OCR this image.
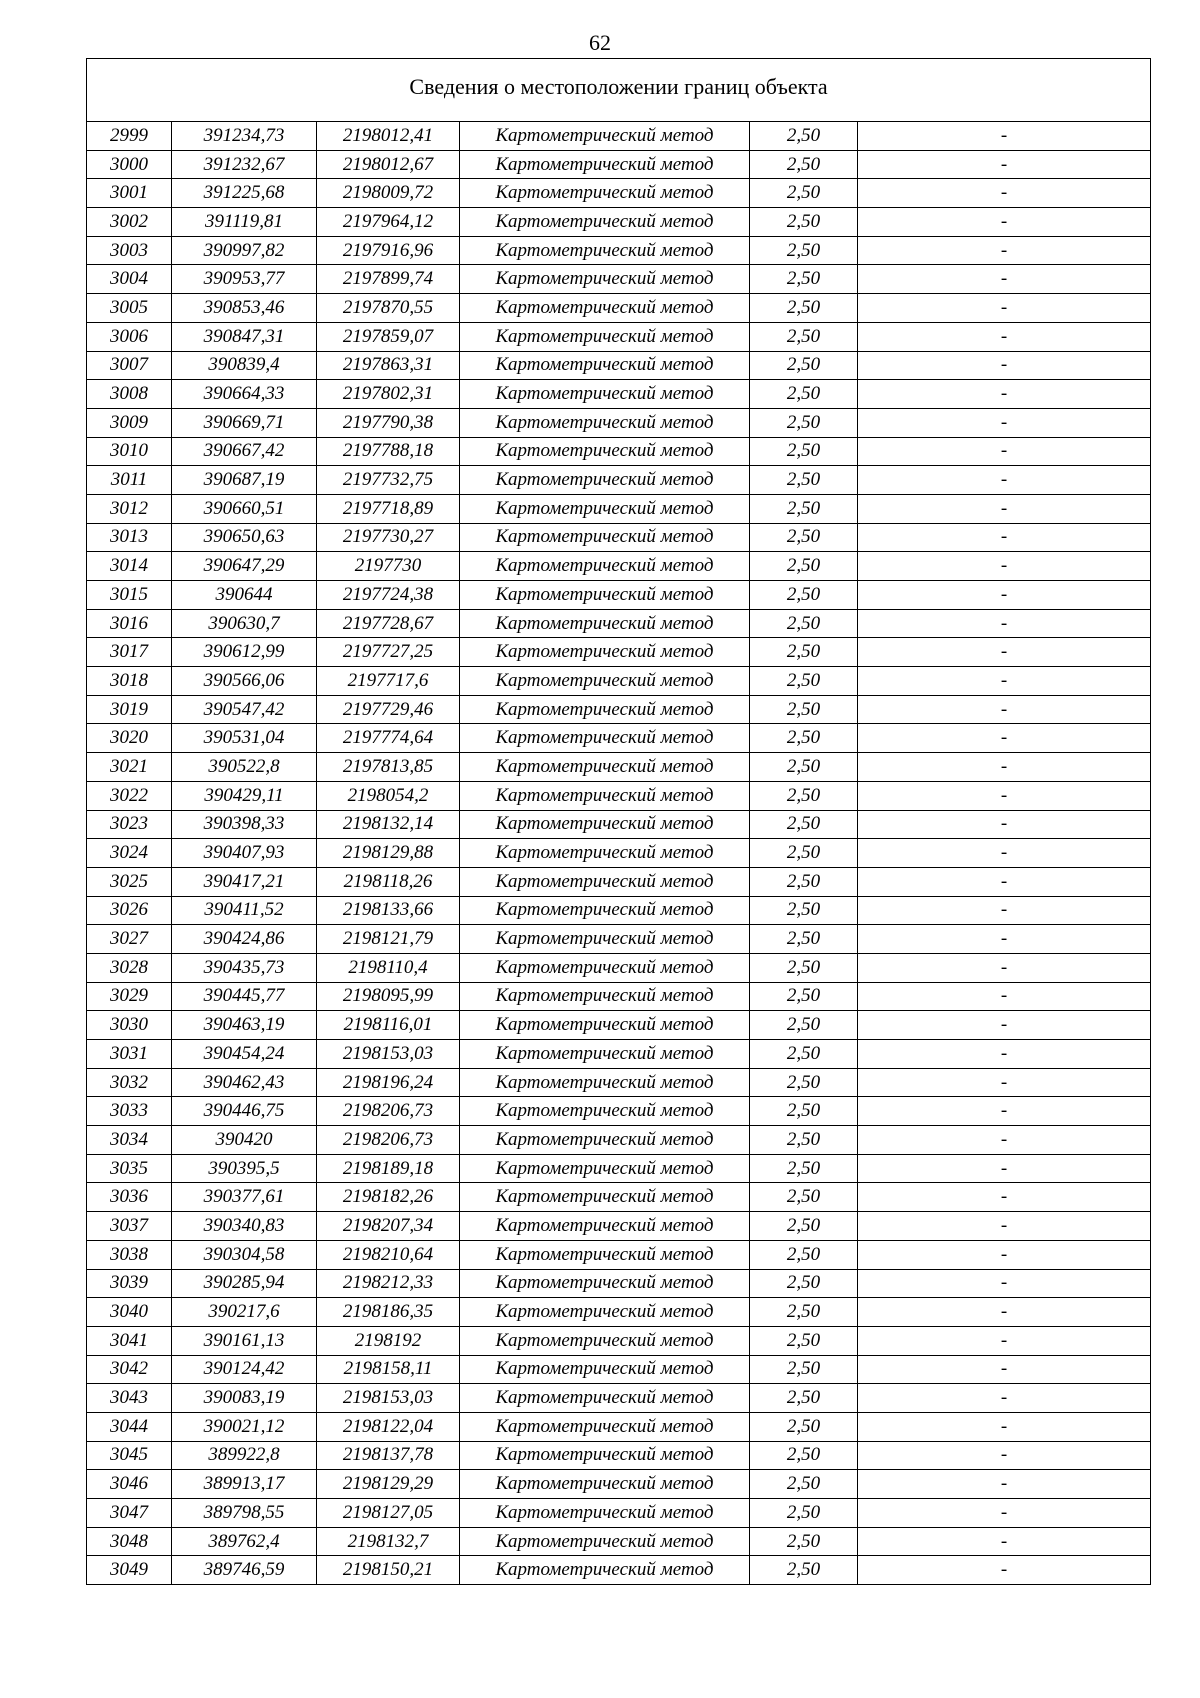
62
Сведения о местоположении границ объекта					
2999	391234,73	2198012,41	Картометрический метод	2,50	-
3000	391232,67	2198012,67	Картометрический метод	2,50	-
3001	391225,68	2198009,72	Картометрический метод	2,50	-
3002	391119,81	2197964,12	Картометрический метод	2,50	-
3003	390997,82	2197916,96	Картометрический метод	2,50	-
3004	390953,77	2197899,74	Картометрический метод	2,50	-
3005	390853,46	2197870,55	Картометрический метод	2,50	-
3006	390847,31	2197859,07	Картометрический метод	2,50	-
3007	390839,4	2197863,31	Картометрический метод	2,50	-
3008	390664,33	2197802,31	Картометрический метод	2,50	-
3009	390669,71	2197790,38	Картометрический метод	2,50	-
3010	390667,42	2197788,18	Картометрический метод	2,50	-
3011	390687,19	2197732,75	Картометрический метод	2,50	-
3012	390660,51	2197718,89	Картометрический метод	2,50	-
3013	390650,63	2197730,27	Картометрический метод	2,50	-
3014	390647,29	2197730	Картометрический метод	2,50	-
3015	390644	2197724,38	Картометрический метод	2,50	-
3016	390630,7	2197728,67	Картометрический метод	2,50	-
3017	390612,99	2197727,25	Картометрический метод	2,50	-
3018	390566,06	2197717,6	Картометрический метод	2,50	-
3019	390547,42	2197729,46	Картометрический метод	2,50	-
3020	390531,04	2197774,64	Картометрический метод	2,50	-
3021	390522,8	2197813,85	Картометрический метод	2,50	-
3022	390429,11	2198054,2	Картометрический метод	2,50	-
3023	390398,33	2198132,14	Картометрический метод	2,50	-
3024	390407,93	2198129,88	Картометрический метод	2,50	-
3025	390417,21	2198118,26	Картометрический метод	2,50	-
3026	390411,52	2198133,66	Картометрический метод	2,50	-
3027	390424,86	2198121,79	Картометрический метод	2,50	-
3028	390435,73	2198110,4	Картометрический метод	2,50	-
3029	390445,77	2198095,99	Картометрический метод	2,50	-
3030	390463,19	2198116,01	Картометрический метод	2,50	-
3031	390454,24	2198153,03	Картометрический метод	2,50	-
3032	390462,43	2198196,24	Картометрический метод	2,50	-
3033	390446,75	2198206,73	Картометрический метод	2,50	-
3034	390420	2198206,73	Картометрический метод	2,50	-
3035	390395,5	2198189,18	Картометрический метод	2,50	-
3036	390377,61	2198182,26	Картометрический метод	2,50	-
3037	390340,83	2198207,34	Картометрический метод	2,50	-
3038	390304,58	2198210,64	Картометрический метод	2,50	-
3039	390285,94	2198212,33	Картометрический метод	2,50	-
3040	390217,6	2198186,35	Картометрический метод	2,50	-
3041	390161,13	2198192	Картометрический метод	2,50	-
3042	390124,42	2198158,11	Картометрический метод	2,50	-
3043	390083,19	2198153,03	Картометрический метод	2,50	-
3044	390021,12	2198122,04	Картометрический метод	2,50	-
3045	389922,8	2198137,78	Картометрический метод	2,50	-
3046	389913,17	2198129,29	Картометрический метод	2,50	-
3047	389798,55	2198127,05	Картометрический метод	2,50	-
3048	389762,4	2198132,7	Картометрический метод	2,50	-
3049	389746,59	2198150,21	Картометрический метод	2,50	-
